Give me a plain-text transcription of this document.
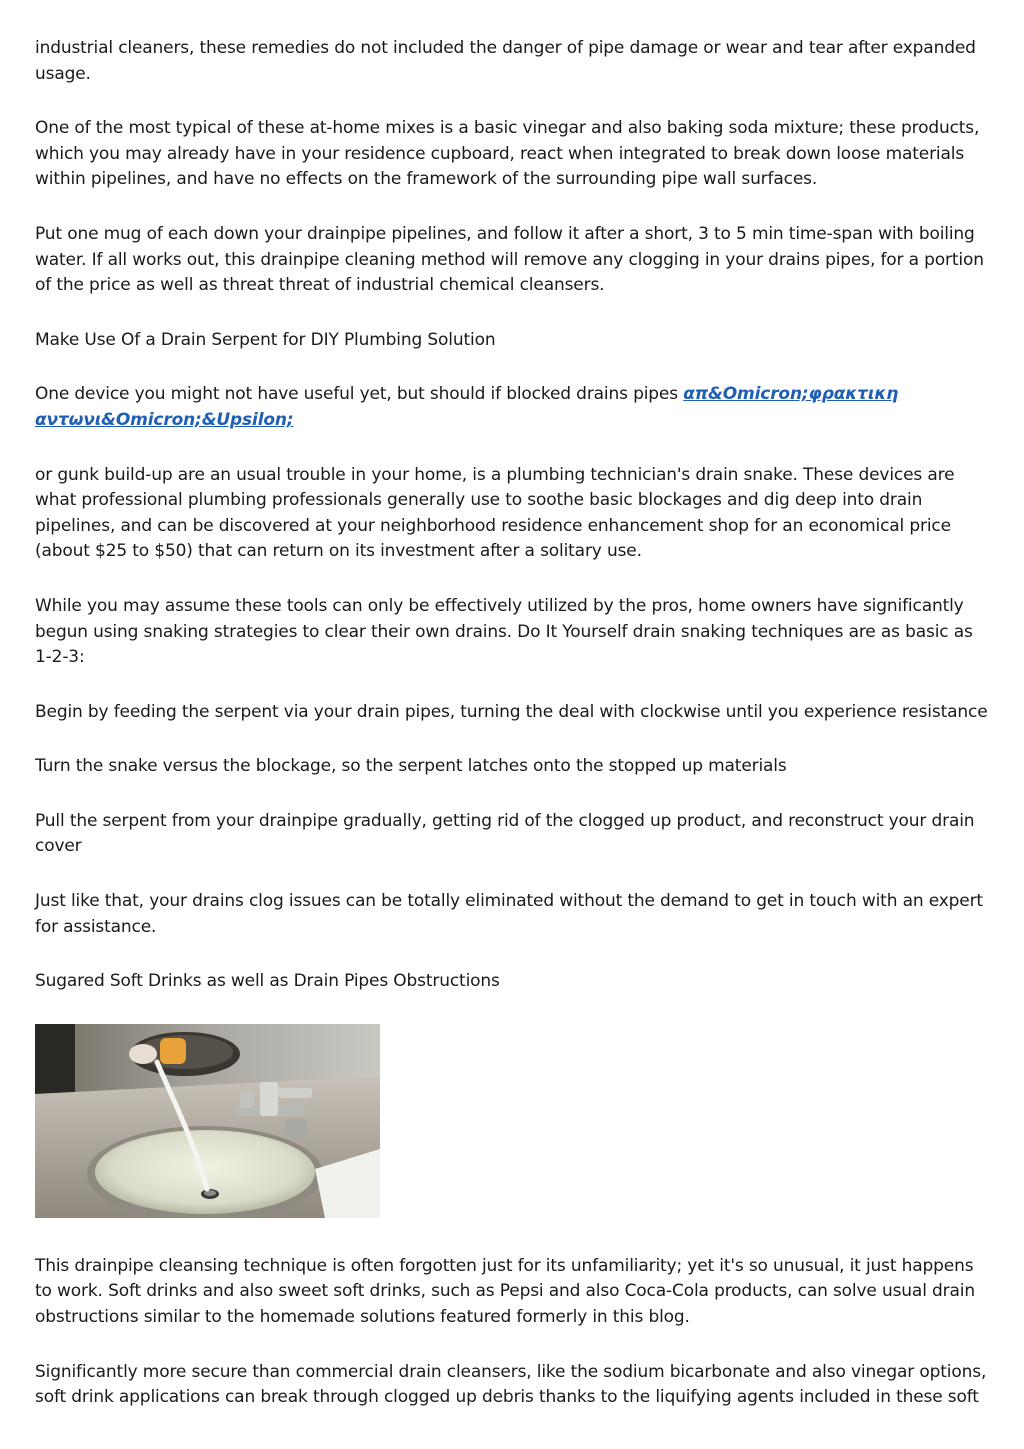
industrial cleaners, these remedies do not included the danger of pipe damage or wear and tear after expanded usage.

One of the most typical of these at-home mixes is a basic vinegar and also baking soda mixture; these products, which you may already have in your residence cupboard, react when integrated to break down loose materials within pipelines, and have no effects on the framework of the surrounding pipe wall surfaces.

Put one mug of each down your drainpipe pipelines, and follow it after a short, 3 to 5 min time-span with boiling water. If all works out, this drainpipe cleaning method will remove any clogging in your drains pipes, for a portion of the price as well as threat threat of industrial chemical cleansers.

Make Use Of a Drain Serpent for DIY Plumbing Solution

One device you might not have useful yet, but should if blocked drains pipes απ&Omicron;φρακτικη αντωνι&Omicron;&Upsilon;

or gunk build-up are an usual trouble in your home, is a plumbing technician's drain snake. These devices are what professional plumbing professionals generally use to soothe basic blockages and dig deep into drain pipelines, and can be discovered at your neighborhood residence enhancement shop for an economical price (about $25 to $50) that can return on its investment after a solitary use.

While you may assume these tools can only be effectively utilized by the pros, home owners have significantly begun using snaking strategies to clear their own drains. Do It Yourself drain snaking techniques are as basic as 1-2-3:

Begin by feeding the serpent via your drain pipes, turning the deal with clockwise until you experience resistance

Turn the snake versus the blockage, so the serpent latches onto the stopped up materials

Pull the serpent from your drainpipe gradually, getting rid of the clogged up product, and reconstruct your drain cover

Just like that, your drains clog issues can be totally eliminated without the demand to get in touch with an expert for assistance.

Sugared Soft Drinks as well as Drain Pipes Obstructions

This drainpipe cleansing technique is often forgotten just for its unfamiliarity; yet it's so unusual, it just happens to work. Soft drinks and also sweet soft drinks, such as Pepsi and also Coca-Cola products, can solve usual drain obstructions similar to the homemade solutions featured formerly in this blog.

Significantly more secure than commercial drain cleansers, like the sodium bicarbonate and also vinegar options, soft drink applications can break through clogged up debris thanks to the liquifying agents included in these soft
